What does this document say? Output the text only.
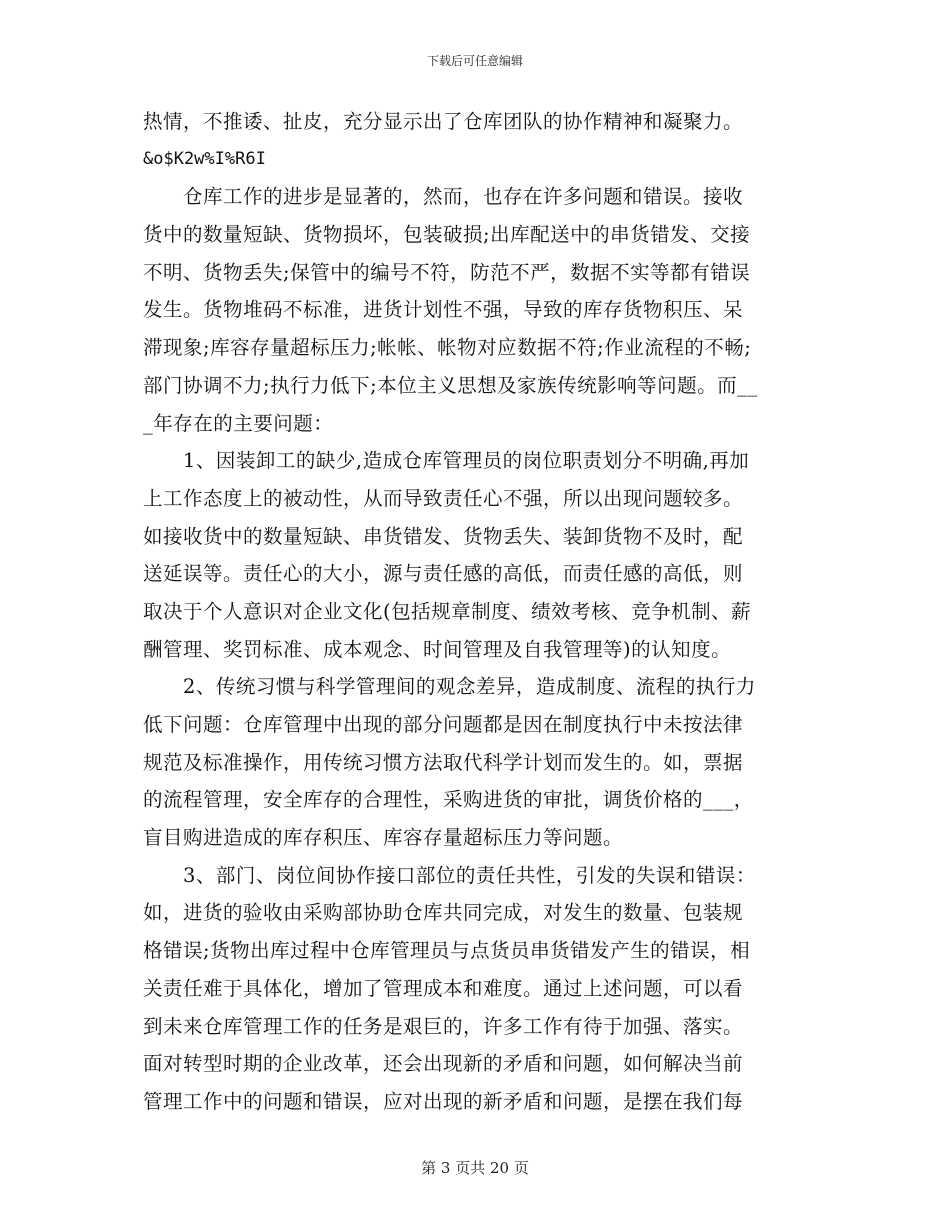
下载后可任意编辑
热情，不推诿、扯皮，充分显示出了仓库团队的协作精神和凝聚力。
&o$K2w%I%R6I
仓库工作的进步是显著的，然而，也存在许多问题和错误。接收
货中的数量短缺、货物损坏，包装破损;出库配送中的串货错发、交接
不明、货物丢失;保管中的编号不符，防范不严，数据不实等都有错误
发生。货物堆码不标准，进货计划性不强，导致的库存货物积压、呆
滞现象;库容存量超标压力;帐帐、帐物对应数据不符;作业流程的不畅;
部门协调不力;执行力低下;本位主义思想及家族传统影响等问题。而__
_年存在的主要问题：
1、因装卸工的缺少,造成仓库管理员的岗位职责划分不明确,再加
上工作态度上的被动性，从而导致责任心不强，所以出现问题较多。
如接收货中的数量短缺、串货错发、货物丢失、装卸货物不及时，配
送延误等。责任心的大小，源与责任感的高低，而责任感的高低，则
取决于个人意识对企业文化(包括规章制度、绩效考核、竞争机制、薪
酬管理、奖罚标准、成本观念、时间管理及自我管理等)的认知度。
2、传统习惯与科学管理间的观念差异，造成制度、流程的执行力
低下问题：仓库管理中出现的部分问题都是因在制度执行中未按法律
规范及标准操作，用传统习惯方法取代科学计划而发生的。如，票据
的流程管理，安全库存的合理性，采购进货的审批，调货价格的___，
盲目购进造成的库存积压、库容存量超标压力等问题。
3、部门、岗位间协作接口部位的责任共性，引发的失误和错误：
如，进货的验收由采购部协助仓库共同完成，对发生的数量、包装规
格错误;货物出库过程中仓库管理员与点货员串货错发产生的错误，相
关责任难于具体化，增加了管理成本和难度。通过上述问题，可以看
到未来仓库管理工作的任务是艰巨的，许多工作有待于加强、落实。
面对转型时期的企业改革，还会出现新的矛盾和问题，如何解决当前
管理工作中的问题和错误，应对出现的新矛盾和问题，是摆在我们每
第 3 页共 20 页
